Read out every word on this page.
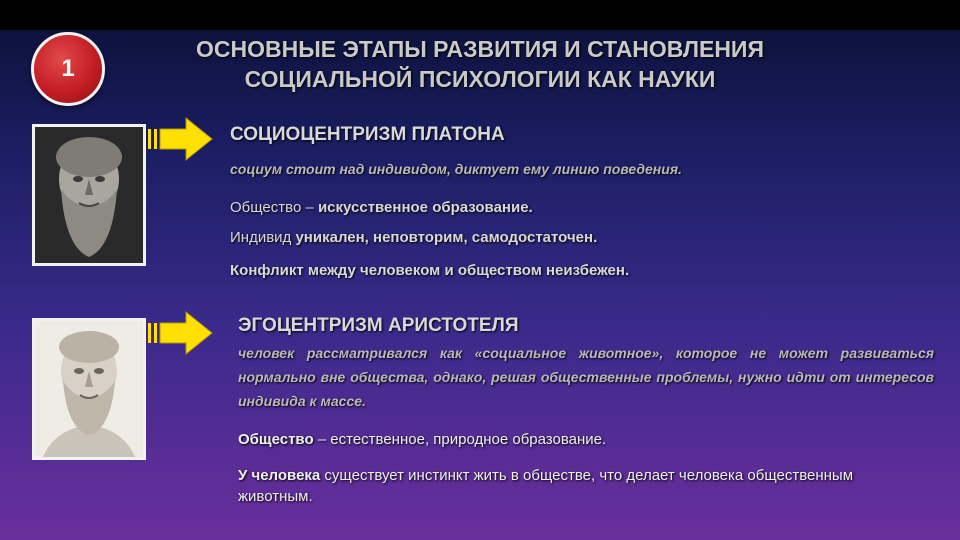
1
ОСНОВНЫЕ ЭТАПЫ РАЗВИТИЯ И СТАНОВЛЕНИЯ
СОЦИАЛЬНОЙ ПСИХОЛОГИИ КАК НАУКИ
СОЦИОЦЕНТРИЗМ ПЛАТОНА
социум стоит над индивидом, диктует ему линию поведения.
Общество – искусственное образование.
Индивид уникален, неповторим, самодостаточен.
Конфликт между человеком и обществом неизбежен.
ЭГОЦЕНТРИЗМ АРИСТОТЕЛЯ
человек рассматривался как «социальное животное», которое не может развиваться нормально вне общества, однако, решая общественные проблемы, нужно идти от интересов индивида к массе.
Общество – естественное, природное образование.
У человека существует инстинкт жить в обществе, что делает человека общественным животным.
